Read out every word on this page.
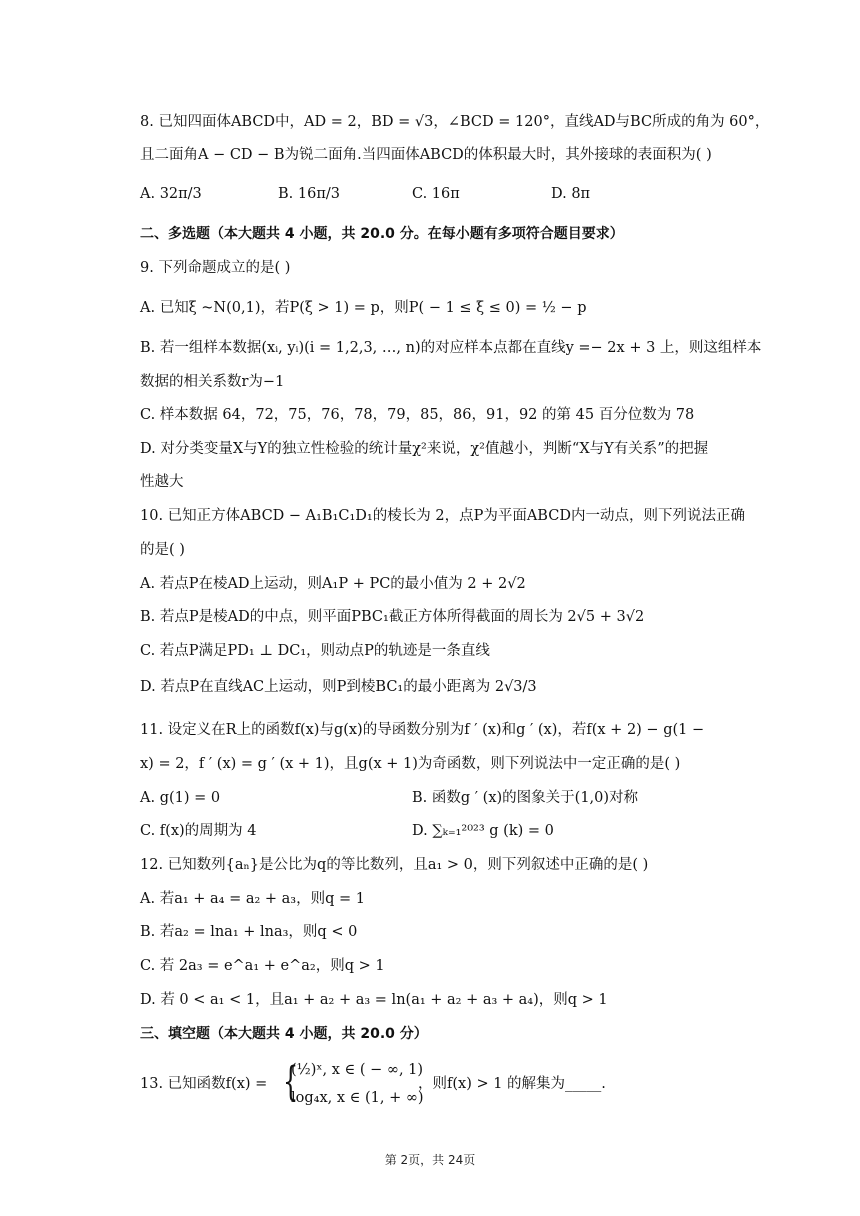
8. 已知四面体ABCD中，AD = 2，BD = √3，∠BCD = 120°，直线AD与BC所成的角为 60°，
且二面角A − CD − B为锐二面角.当四面体ABCD的体积最大时，其外接球的表面积为( )
A. 32π/3	B. 16π/3	C. 16π	D. 8π
二、多选题（本大题共 4 小题，共 20.0 分。在每小题有多项符合题目要求）
9. 下列命题成立的是( )
A. 已知ξ ~N(0,1)，若P(ξ > 1) = p，则P( − 1 ≤ ξ ≤ 0) = ½ − p
B. 若一组样本数据(xᵢ, yᵢ)(i = 1,2,3, …, n)的对应样本点都在直线y =− 2x + 3 上，则这组样本
数据的相关系数r为−1
C. 样本数据 64，72，75，76，78，79，85，86，91，92 的第 45 百分位数为 78
D. 对分类变量X与Y的独立性检验的统计量χ²来说，χ²值越小，判断“X与Y有关系”的把握
性越大
10. 已知正方体ABCD − A₁B₁C₁D₁的棱长为 2，点P为平面ABCD内一动点，则下列说法正确
的是( )
A. 若点P在棱AD上运动，则A₁P + PC的最小值为 2 + 2√2
B. 若点P是棱AD的中点，则平面PBC₁截正方体所得截面的周长为 2√5 + 3√2
C. 若点P满足PD₁ ⊥ DC₁，则动点P的轨迹是一条直线
D. 若点P在直线AC上运动，则P到棱BC₁的最小距离为 2√3/3
11. 设定义在R上的函数f(x)与g(x)的导函数分别为f ′ (x)和g ′ (x)，若f(x + 2) − g(1 −
x) = 2，f ′ (x) = g ′ (x + 1)，且g(x + 1)为奇函数，则下列说法中一定正确的是( )
A. g(1) = 0	B. 函数g ′ (x)的图象关于(1,0)对称
C. f(x)的周期为 4	D. ∑ₖ₌₁²⁰²³ g (k) = 0
12. 已知数列{aₙ}是公比为q的等比数列，且a₁ > 0，则下列叙述中正确的是( )
A. 若a₁ + a₄ = a₂ + a₃，则q = 1
B. 若a₂ = lna₁ + lna₃，则q < 0
C. 若 2a₃ = e^a₁ + e^a₂，则q > 1
D. 若 0 < a₁ < 1，且a₁ + a₂ + a₃ = ln(a₁ + a₂ + a₃ + a₄)，则q > 1
三、填空题（本大题共 4 小题，共 20.0 分）
13. 已知函数f(x) = {
(½)ˣ, x ∈ ( − ∞, 1)
log₄x, x ∈ (1, + ∞)
，则f(x) > 1 的解集为_____.
第 2页，共 24页
